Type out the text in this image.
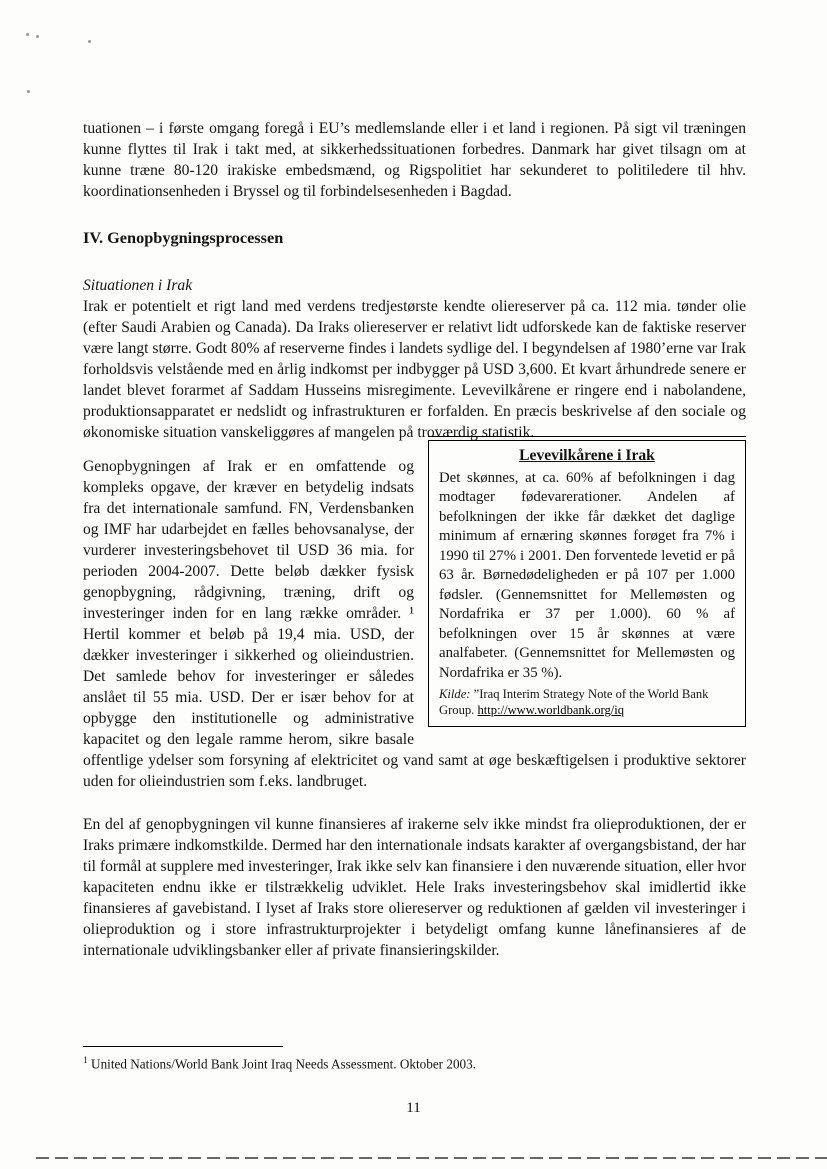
tuationen – i første omgang foregå i EU’s medlemslande eller i et land i regionen. På sigt vil træningen kunne flyttes til Irak i takt med, at sikkerhedssituationen forbedres. Danmark har givet tilsagn om at kunne træne 80-120 irakiske embedsmænd, og Rigspolitiet har sekunderet to politiledere til hhv. koordinationsenheden i Bryssel og til forbindelsesenheden i Bagdad.

IV. Genopbygningsprocessen

Situationen i Irak

Irak er potentielt et rigt land med verdens tredjestørste kendte oliereserver på ca. 112 mia. tønder olie (efter Saudi Arabien og Canada). Da Iraks oliereserver er relativt lidt udforskede kan de faktiske reserver være langt større. Godt 80% af reserverne findes i landets sydlige del. I begyndelsen af 1980’erne var Irak forholdsvis velstående med en årlig indkomst per indbygger på USD 3,600. Et kvart århundrede senere er landet blevet forarmet af Saddam Husseins misregimente. Levevilkårene er ringere end i nabolandene, produktionsapparatet er nedslidt og infrastrukturen er forfalden. En præcis beskrivelse af den sociale og økonomiske situation vanskeliggøres af mangelen på troværdig statistik.

Levevilkårene i Irak

Det skønnes, at ca. 60% af befolkningen i dag modtager fødevarerationer. Andelen af befolkningen der ikke får dækket det daglige minimum af ernæring skønnes forøget fra 7% i 1990 til 27% i 2001. Den forventede levetid er på 63 år. Børnedødeligheden er på 107 per 1.000 fødsler. (Gennemsnittet for Mellemøsten og Nordafrika er 37 per 1.000). 60 % af befolkningen over 15 år skønnes at være analfabeter. (Gennemsnittet for Mellemøsten og Nordafrika er 35 %).

Kilde: ”Iraq Interim Strategy Note of the World Bank Group. http://www.worldbank.org/iq

Genopbygningen af Irak er en omfattende og kompleks opgave, der kræver en betydelig indsats fra det internationale samfund. FN, Verdensbanken og IMF har udarbejdet en fælles behovsanalyse, der vurderer investeringsbehovet til USD 36 mia. for perioden 2004-2007. Dette beløb dækker fysisk genopbygning, rådgivning, træning, drift og investeringer inden for en lang række områder. ¹ Hertil kommer et beløb på 19,4 mia. USD, der dækker investeringer i sikkerhed og olieindustrien. Det samlede behov for investeringer er således anslået til 55 mia. USD. Der er især behov for at opbygge den institutionelle og administrative kapacitet og den legale ramme herom, sikre basale offentlige ydelser som forsyning af elektricitet og vand samt at øge beskæftigelsen i produktive sektorer uden for olieindustrien som f.eks. landbruget.

En del af genopbygningen vil kunne finansieres af irakerne selv ikke mindst fra olieproduktionen, der er Iraks primære indkomstkilde. Dermed har den internationale indsats karakter af overgangsbistand, der har til formål at supplere med investeringer, Irak ikke selv kan finansiere i den nuværende situation, eller hvor kapaciteten endnu ikke er tilstrækkelig udviklet. Hele Iraks investeringsbehov skal imidlertid ikke finansieres af gavebistand. I lyset af Iraks store oliereserver og reduktionen af gælden vil investeringer i olieproduktion og i store infrastrukturprojekter i betydeligt omfang kunne lånefinansieres af de internationale udviklingsbanker eller af private finansieringskilder.

$^1$ United Nations/World Bank Joint Iraq Needs Assessment. Oktober 2003.

11
